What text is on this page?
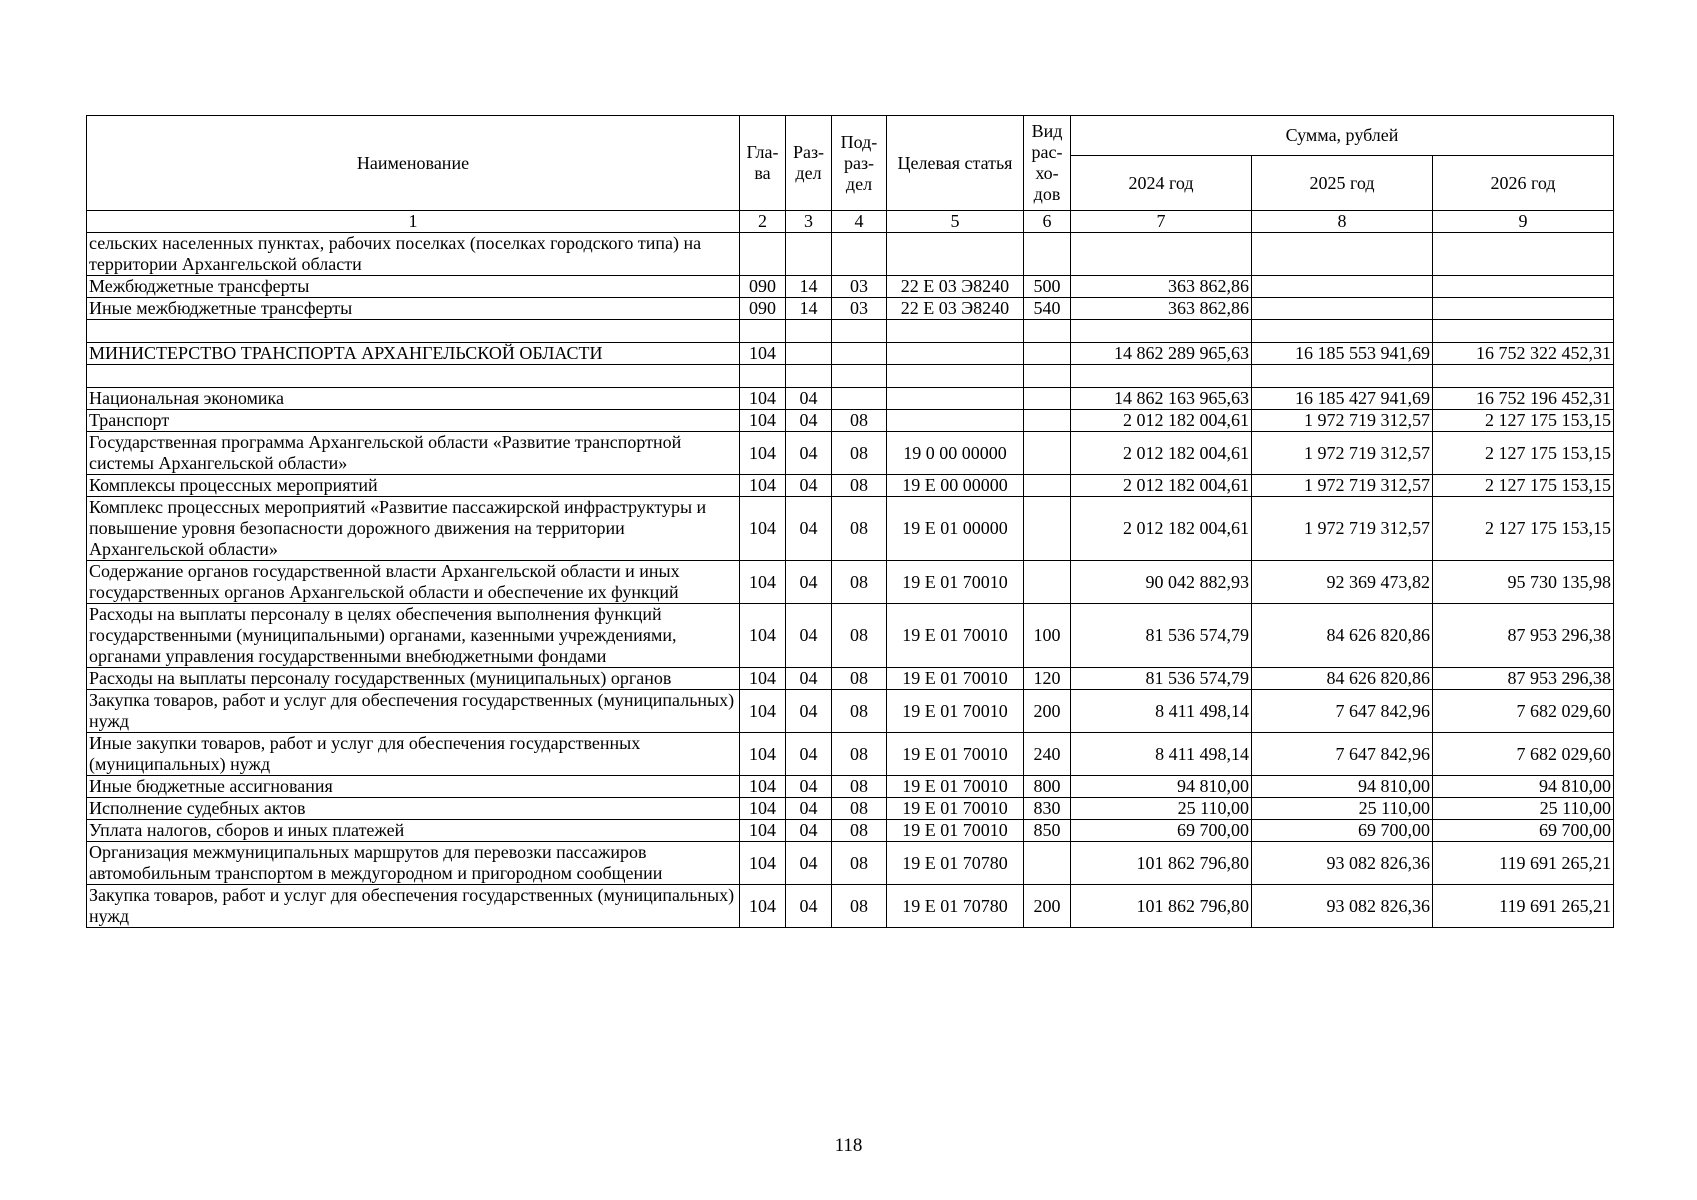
Наименование	Гла-ва	Раз-дел	Под-раз-дел	Целевая статья	Вид рас-хо-дов	Сумма, рублей		
						2024 год	2025 год	2026 год
1	2	3	4	5	6	7	8	9
сельских населенных пунктах, рабочих поселках (поселках городского типа) на территории Архангельской области								
Межбюджетные трансферты	090	14	03	22 Е 03 Э8240	500	363 862,86		
Иные межбюджетные трансферты	090	14	03	22 Е 03 Э8240	540	363 862,86		

МИНИСТЕРСТВО ТРАНСПОРТА АРХАНГЕЛЬСКОЙ ОБЛАСТИ	104					14 862 289 965,63	16 185 553 941,69	16 752 322 452,31

Национальная экономика	104	04				14 862 163 965,63	16 185 427 941,69	16 752 196 452,31
Транспорт	104	04	08			2 012 182 004,61	1 972 719 312,57	2 127 175 153,15
Государственная программа Архангельской области «Развитие транспортной системы Архангельской области»	104	04	08	19 0 00 00000		2 012 182 004,61	1 972 719 312,57	2 127 175 153,15
Комплексы процессных мероприятий	104	04	08	19 Е 00 00000		2 012 182 004,61	1 972 719 312,57	2 127 175 153,15
Комплекс процессных мероприятий «Развитие пассажирской инфраструктуры и повышение уровня безопасности дорожного движения на территории Архангельской области»	104	04	08	19 Е 01 00000		2 012 182 004,61	1 972 719 312,57	2 127 175 153,15
Содержание органов государственной власти Архангельской области и иных государственных органов Архангельской области и обеспечение их функций	104	04	08	19 Е 01 70010		90 042 882,93	92 369 473,82	95 730 135,98
Расходы на выплаты персоналу в целях обеспечения выполнения функций государственными (муниципальными) органами, казенными учреждениями, органами управления государственными внебюджетными фондами	104	04	08	19 Е 01 70010	100	81 536 574,79	84 626 820,86	87 953 296,38
Расходы на выплаты персоналу государственных (муниципальных) органов	104	04	08	19 Е 01 70010	120	81 536 574,79	84 626 820,86	87 953 296,38
Закупка товаров, работ и услуг для обеспечения государственных (муниципальных) нужд	104	04	08	19 Е 01 70010	200	8 411 498,14	7 647 842,96	7 682 029,60
Иные закупки товаров, работ и услуг для обеспечения государственных (муниципальных) нужд	104	04	08	19 Е 01 70010	240	8 411 498,14	7 647 842,96	7 682 029,60
Иные бюджетные ассигнования	104	04	08	19 Е 01 70010	800	94 810,00	94 810,00	94 810,00
Исполнение судебных актов	104	04	08	19 Е 01 70010	830	25 110,00	25 110,00	25 110,00
Уплата налогов, сборов и иных платежей	104	04	08	19 Е 01 70010	850	69 700,00	69 700,00	69 700,00
Организация межмуниципальных маршрутов для перевозки пассажиров автомобильным транспортом в междугородном и пригородном сообщении	104	04	08	19 Е 01 70780		101 862 796,80	93 082 826,36	119 691 265,21
Закупка товаров, работ и услуг для обеспечения государственных (муниципальных) нужд	104	04	08	19 Е 01 70780	200	101 862 796,80	93 082 826,36	119 691 265,21
118
